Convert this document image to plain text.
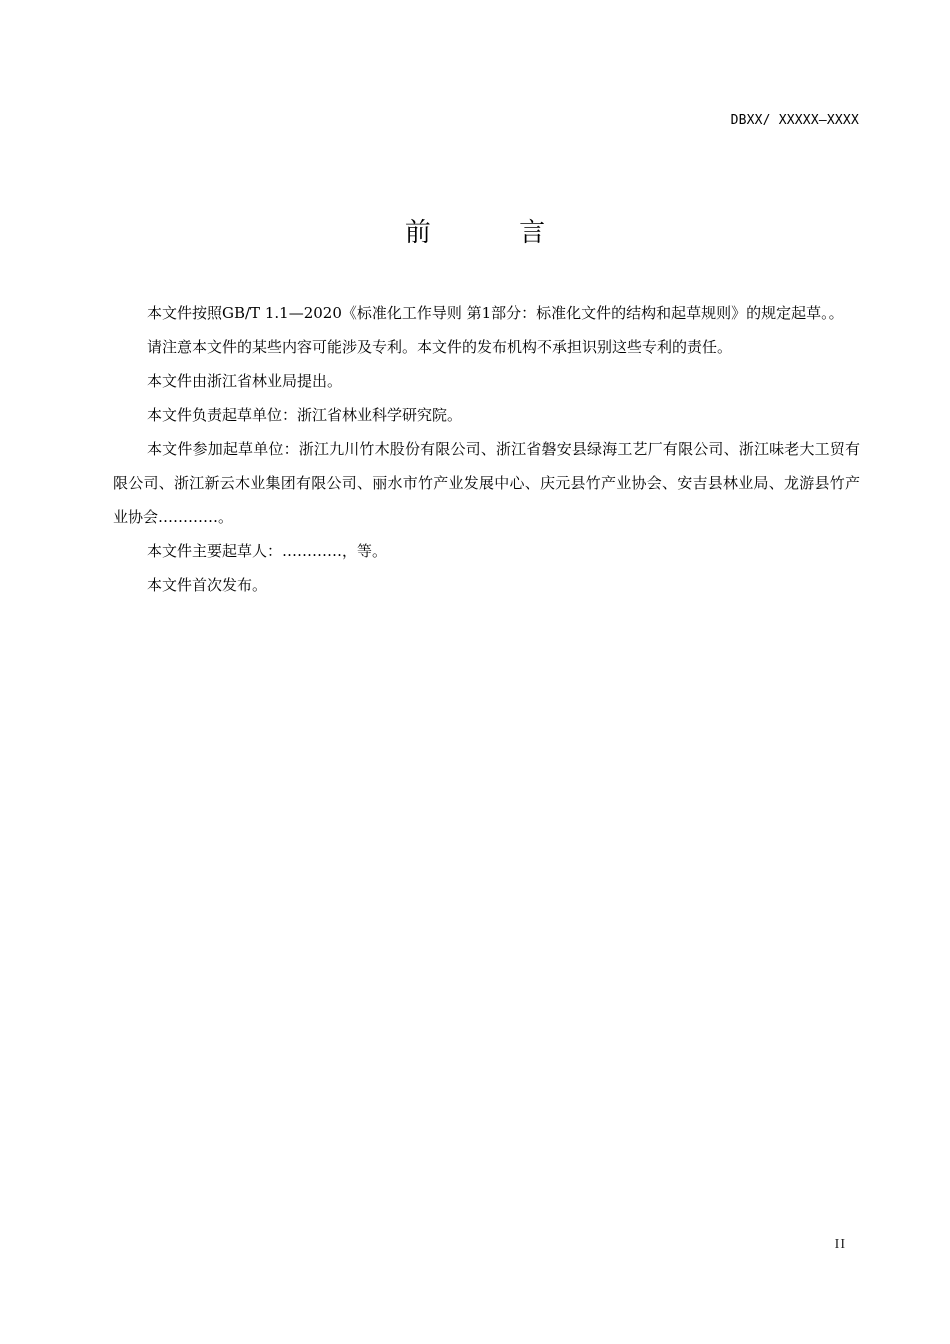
DBXX/ XXXXX—XXXX
前 言

本文件按照GB/T 1.1—2020《标准化工作导则 第1部分：标准化文件的结构和起草规则》的规定起草。。

请注意本文件的某些内容可能涉及专利。本文件的发布机构不承担识别这些专利的责任。

本文件由浙江省林业局提出。

本文件负责起草单位：浙江省林业科学研究院。

本文件参加起草单位：浙江九川竹木股份有限公司、浙江省磐安县绿海工艺厂有限公司、浙江味老大工贸有限公司、浙江新云木业集团有限公司、丽水市竹产业发展中心、庆元县竹产业协会、安吉县林业局、龙游县竹产业协会…………。

本文件主要起草人：…………，等。

本文件首次发布。

II
